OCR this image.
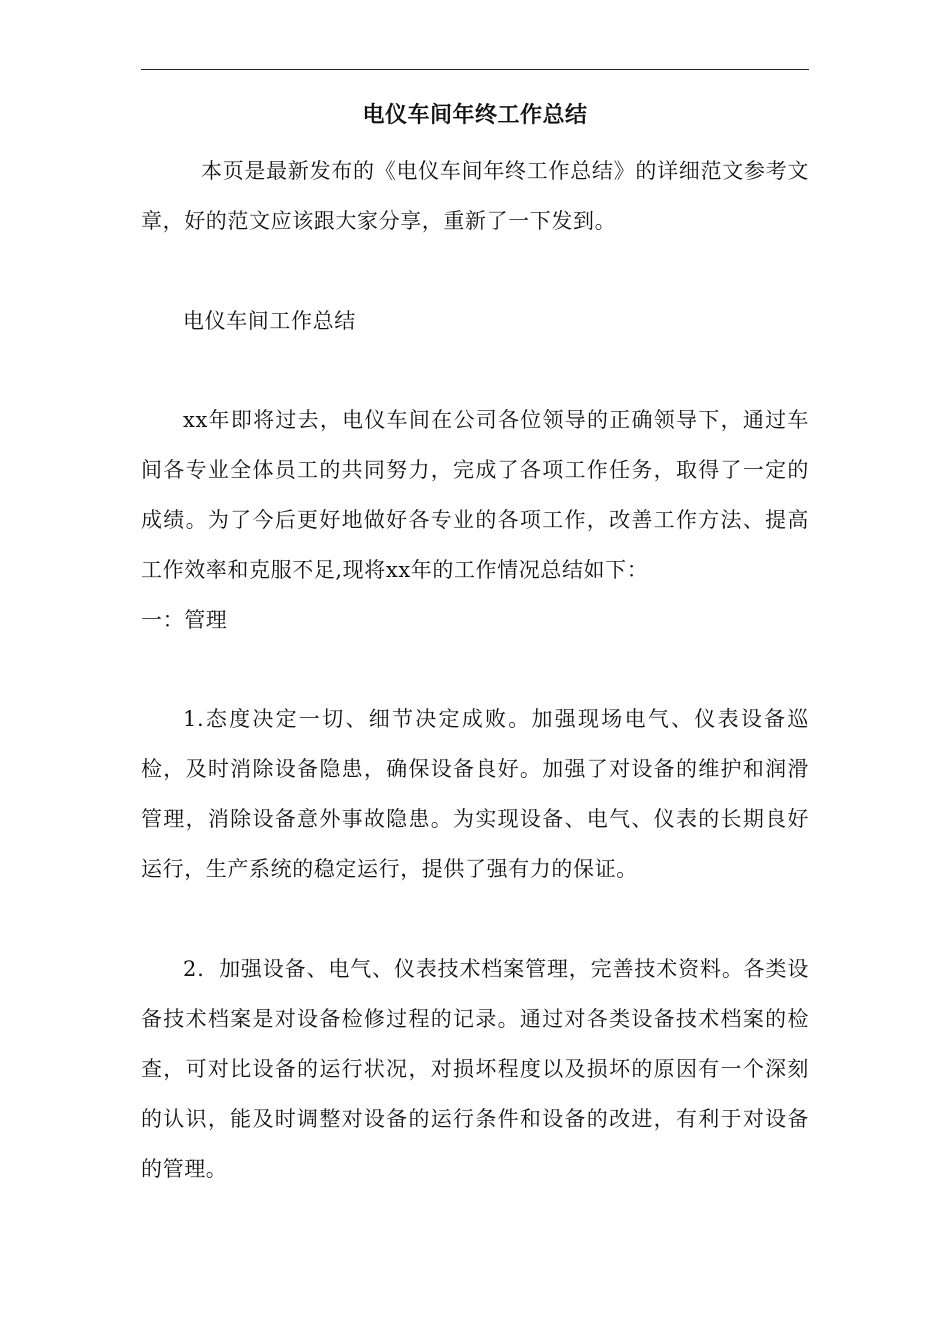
电仪车间年终工作总结

本页是最新发布的《电仪车间年终工作总结》的详细范文参考文章，好的范文应该跟大家分享，重新了一下发到。

电仪车间工作总结

xx年即将过去，电仪车间在公司各位领导的正确领导下，通过车间各专业全体员工的共同努力，完成了各项工作任务，取得了一定的成绩。为了今后更好地做好各专业的各项工作，改善工作方法、提高工作效率和克服不足,现将xx年的工作情况总结如下：

一：管理

1.态度决定一切、细节决定成败。加强现场电气、仪表设备巡检，及时消除设备隐患，确保设备良好。加强了对设备的维护和润滑管理，消除设备意外事故隐患。为实现设备、电气、仪表的长期良好运行，生产系统的稳定运行，提供了强有力的保证。

2．加强设备、电气、仪表技术档案管理，完善技术资料。各类设备技术档案是对设备检修过程的记录。通过对各类设备技术档案的检查，可对比设备的运行状况，对损坏程度以及损坏的原因有一个深刻的认识，能及时调整对设备的运行条件和设备的改进，有利于对设备的管理。
